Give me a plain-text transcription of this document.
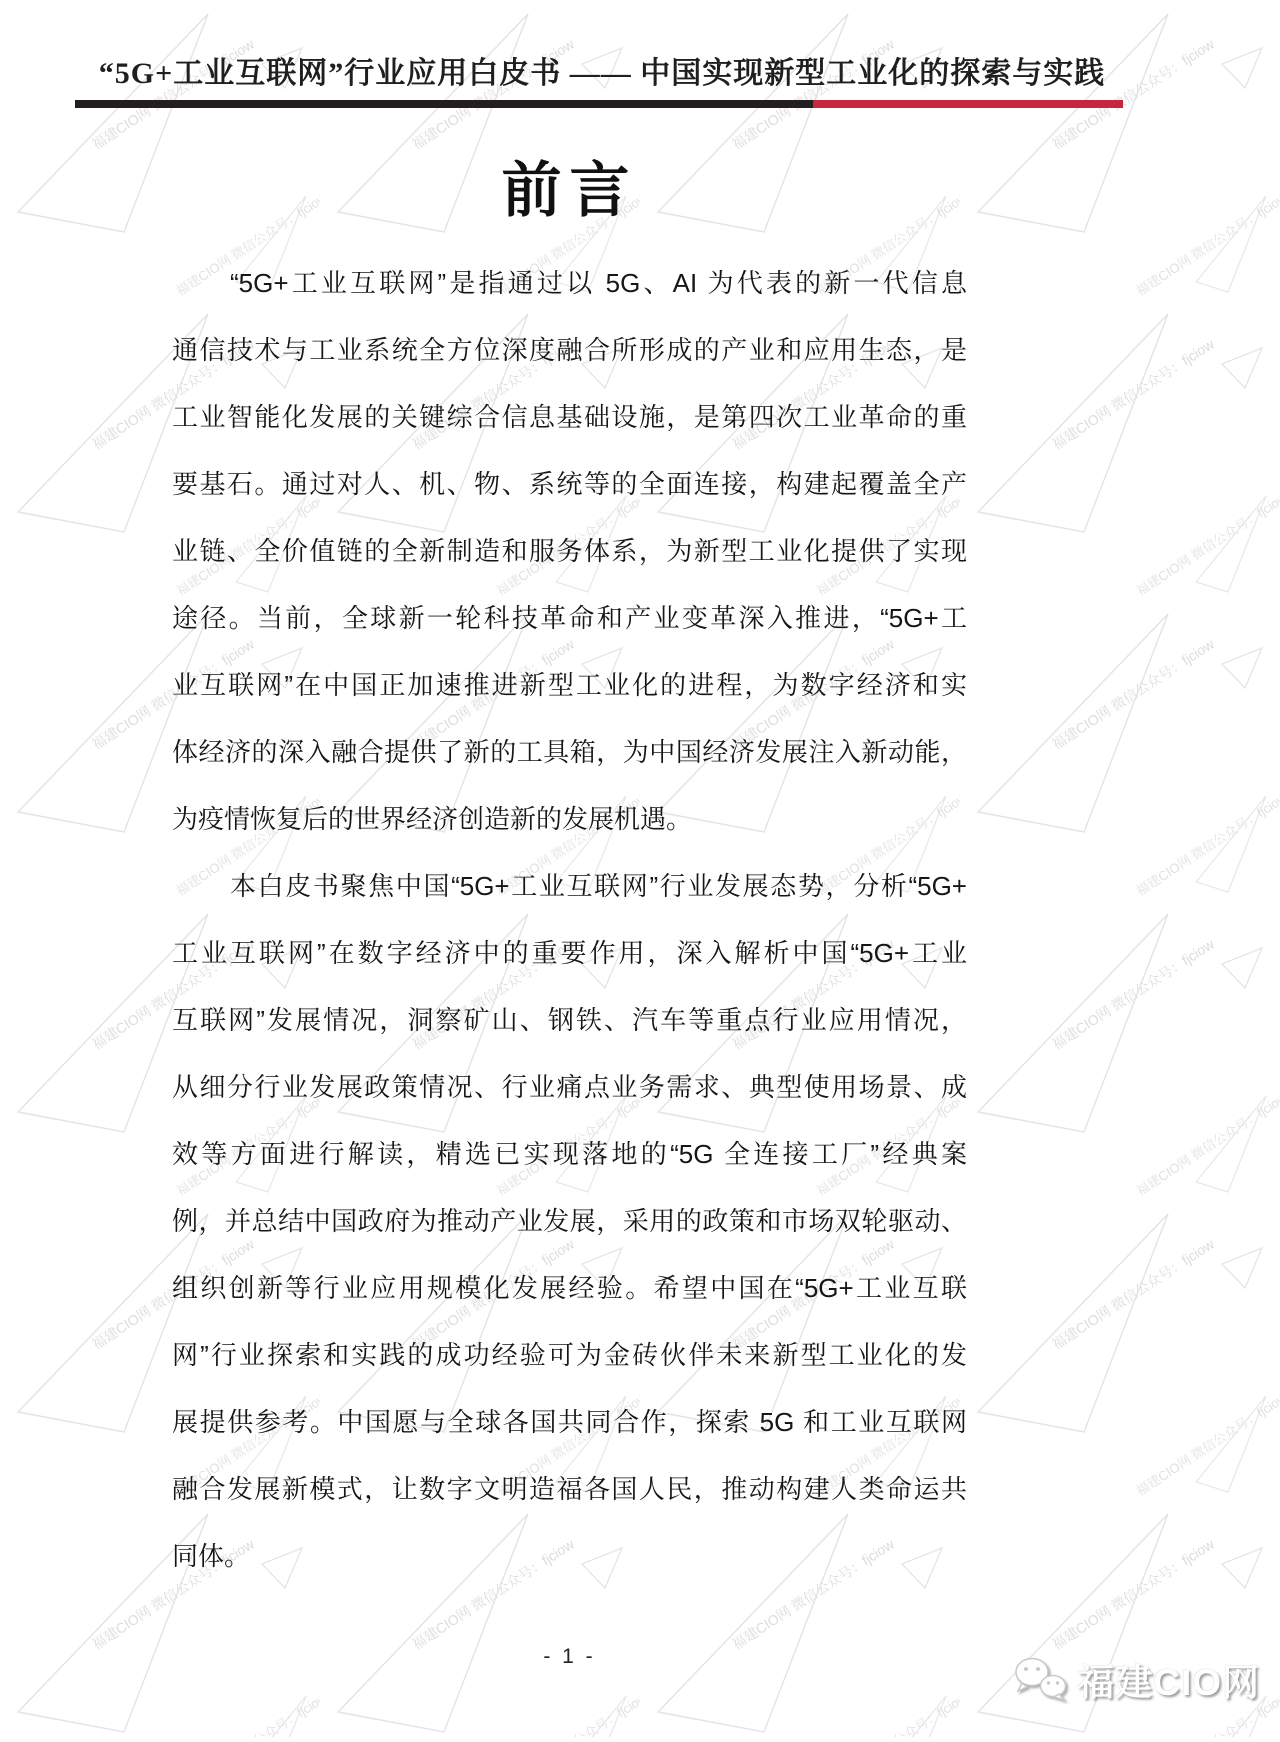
“5G+工业互联网”行业应用白皮书 —— 中国实现新型工业化的探索与实践
前言
“5G+工业互联网”是指通过以 5G、AI 为代表的新一代信息
通信技术与工业系统全方位深度融合所形成的产业和应用生态，是
工业智能化发展的关键综合信息基础设施，是第四次工业革命的重
要基石。通过对人、机、物、系统等的全面连接，构建起覆盖全产
业链、全价值链的全新制造和服务体系，为新型工业化提供了实现
途径。当前，全球新一轮科技革命和产业变革深入推进，“5G+工
业互联网”在中国正加速推进新型工业化的进程，为数字经济和实
体经济的深入融合提供了新的工具箱，为中国经济发展注入新动能，
为疫情恢复后的世界经济创造新的发展机遇。
本白皮书聚焦中国“5G+工业互联网”行业发展态势，分析“5G+
工业互联网”在数字经济中的重要作用，深入解析中国“5G+工业
互联网”发展情况，洞察矿山、钢铁、汽车等重点行业应用情况，
从细分行业发展政策情况、行业痛点业务需求、典型使用场景、成
效等方面进行解读，精选已实现落地的“5G 全连接工厂”经典案
例，并总结中国政府为推动产业发展，采用的政策和市场双轮驱动、
组织创新等行业应用规模化发展经验。希望中国在“5G+工业互联
网”行业探索和实践的成功经验可为金砖伙伴未来新型工业化的发
展提供参考。中国愿与全球各国共同合作，探索 5G 和工业互联网
融合发展新模式，让数字文明造福各国人民，推动构建人类命运共
同体。
- 1 -
福建CIO网
